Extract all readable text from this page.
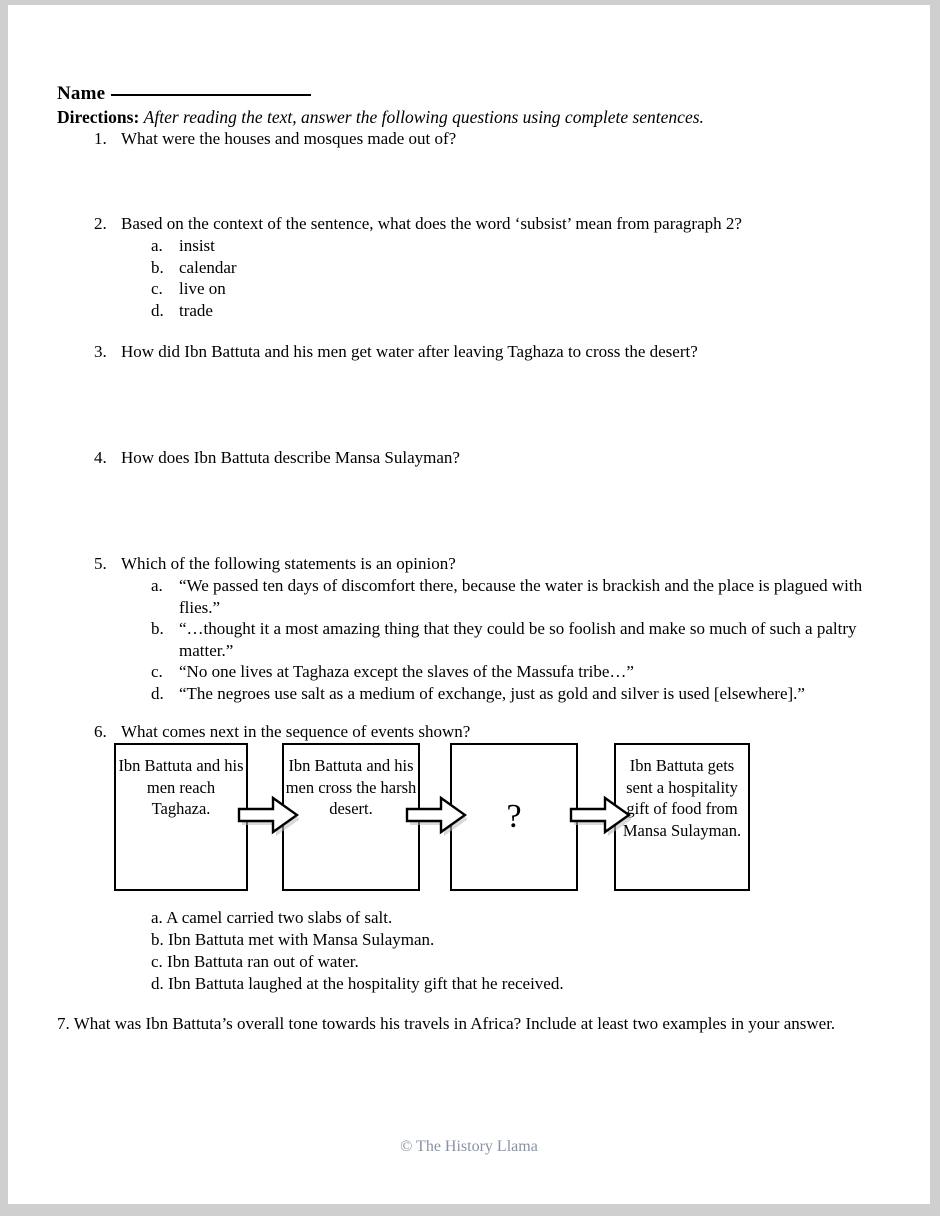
Name
Directions: After reading the text, answer the following questions using complete sentences.
1. What were the houses and mosques made out of?
2. Based on the context of the sentence, what does the word ‘subsist’ mean from paragraph 2?
a. insist
b. calendar
c. live on
d. trade
3. How did Ibn Battuta and his men get water after leaving Taghaza to cross the desert?
4. How does Ibn Battuta describe Mansa Sulayman?
5. Which of the following statements is an opinion?
a. “We passed ten days of discomfort there, because the water is brackish and the place is plagued with flies.”
b. “…thought it a most amazing thing that they could be so foolish and make so much of such a paltry matter.”
c. “No one lives at Taghaza except the slaves of the Massufa tribe…”
d. “The negroes use salt as a medium of exchange, just as gold and silver is used [elsewhere].”
6. What comes next in the sequence of events shown?
Ibn Battuta and his men reach Taghaza.
Ibn Battuta and his men cross the harsh desert.	?
Ibn Battuta gets sent a hospitality gift of food from Mansa Sulayman.
a. A camel carried two slabs of salt.
b. Ibn Battuta met with Mansa Sulayman.
c. Ibn Battuta ran out of water.
d. Ibn Battuta laughed at the hospitality gift that he received.
7. What was Ibn Battuta’s overall tone towards his travels in Africa? Include at least two examples in your answer.
© The History Llama
